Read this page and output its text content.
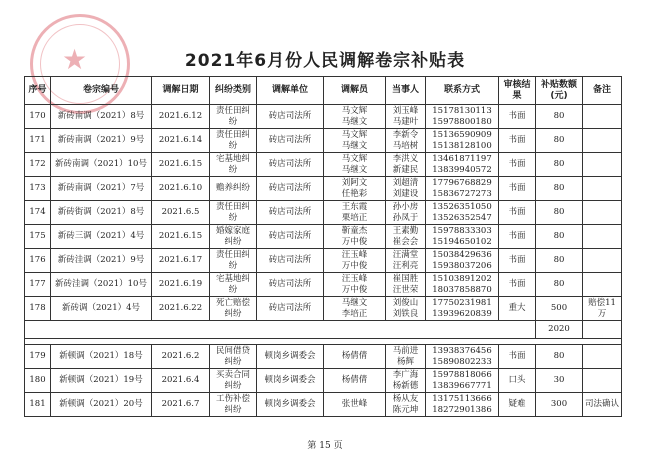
★	2021年6月份人民调解卷宗补贴表
序号	卷宗编号	调解日期	纠纷类别	调解单位	调解员	当事人	联系方式	审核结果	补贴数额
(元)	备注

170	新砖南调（2021）8号	2021.6.12	责任田纠
纷	砖店司法所	马文辉
马继文	刘玉峰
马建叶	15178130113
15978800180	书面	80	

171	新砖南调（2021）9号	2021.6.14	责任田纠
纷	砖店司法所	马文辉
马继文	李新令
马培树	15136590909
15138128100	书面	80	

172	新砖南调（2021）10号	2021.6.15	宅基地纠
纷	砖店司法所	马文辉
马继文	李洪义
新建民	13461871197
13839940572	书面	80	

173	新砖南调（2021）7号	2021.6.10	赡养纠纷	砖店司法所	刘阿文
任艳彩	刘超清
刘建设	17796768829
15836727273	书面	80	

174	新砖街调（2021）8号	2021.6.5	责任田纠
纷	砖店司法所	王东霞
栗培正	孙小房
孙凤于	13526351050
13526352547	书面	80	

175	新砖三调（2021）4号	2021.6.15	婚嫁家庭
纠纷	砖店司法所	靳童杰
万中俊	王素勤
崔会会	15978833303
15194650102	书面	80	

176	新砖洼调（2021）9号	2021.6.17	责任田纠
纷	砖店司法所	汪玉峰
万中俊	汪满堂
汪利亮	15038429636
15938037206	书面	80	

177	新砖洼调（2021）10号	2021.6.19	宅基地纠
纷	砖店司法所	汪玉峰
万中俊	崔国胜
汪世荣	15103891202
18037858870	书面	80	

178	新砖调（2021）4号	2021.6.22	死亡赔偿
纠纷	砖店司法所	马继文
李培正	刘俊山
刘铁良	17750231981
13939620839	重大	500	赔偿11万

									2020	

179	新顿调（2021）18号	2021.6.2	民间借贷
纠纷	顿岗乡调委会	杨倩倩	马前进
杨辉	13938376456
15890802233	书面	80	

180	新顿调（2021）19号	2021.6.4	买卖合同
纠纷	顿岗乡调委会	杨倩倩	李广海
杨新德	15978818066
13839667771	口头	30	

181	新顿调（2021）20号	2021.6.7	工伤补偿
纠纷	顿岗乡调委会	张世峰	杨从友
陈元坤	13175113666
18272901386	疑难	300	司法确认
第 15 页
